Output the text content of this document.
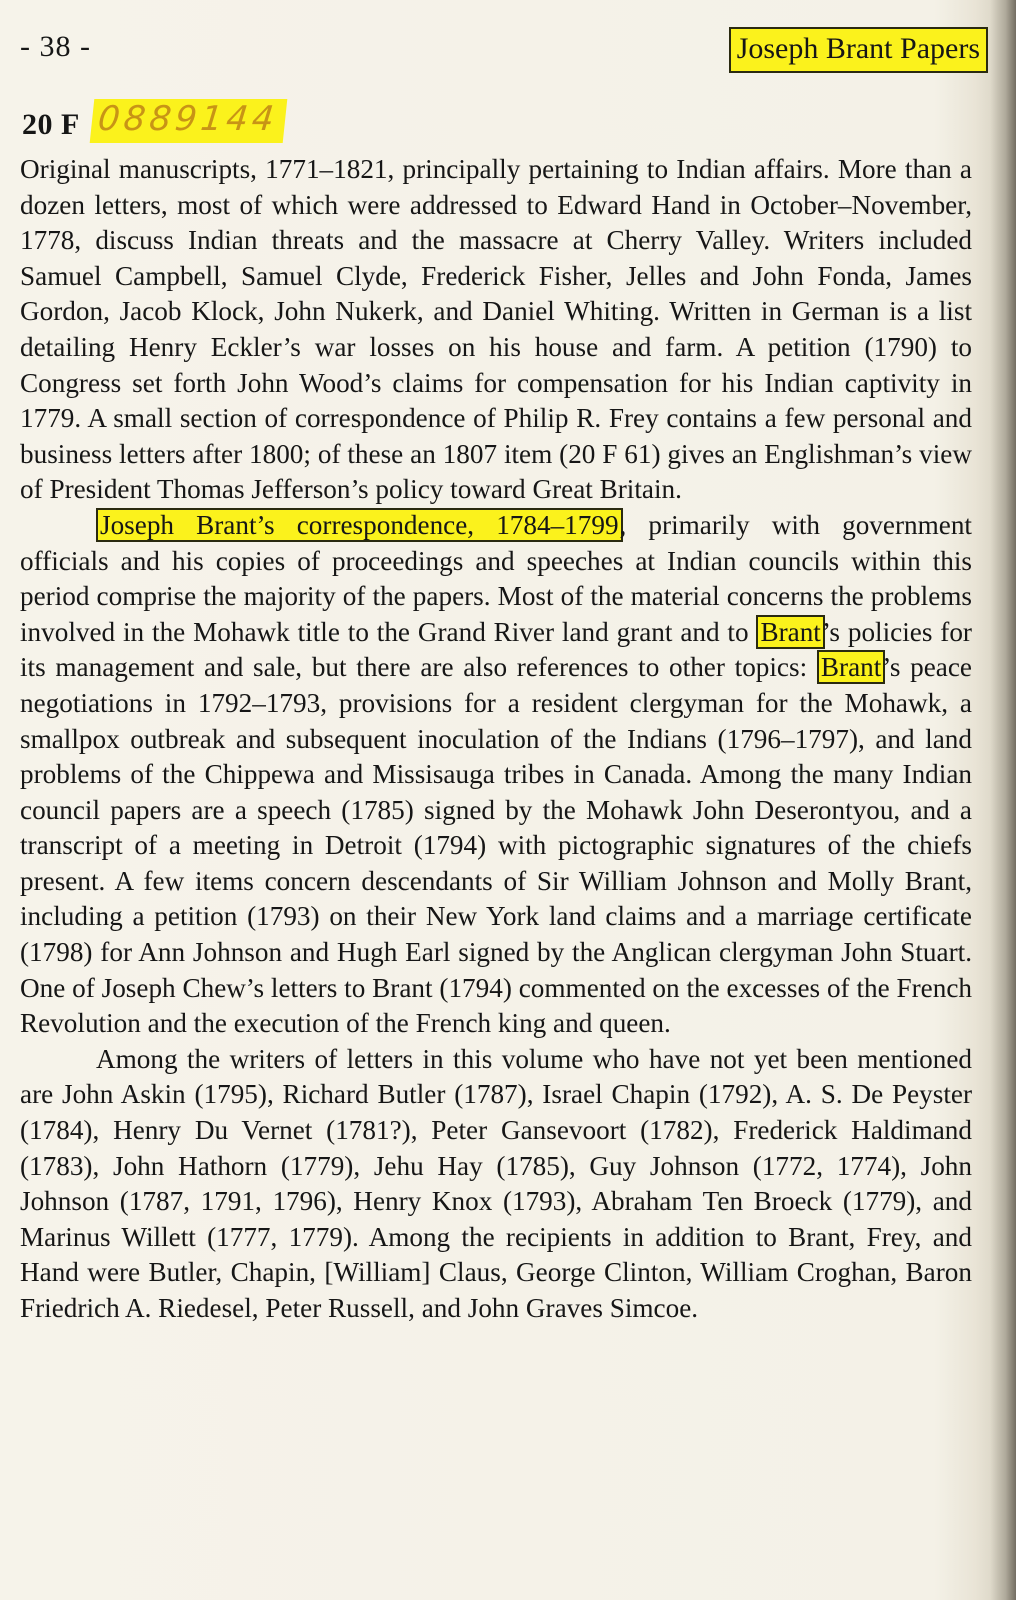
- 38 -	Joseph Brant Papers
20 F 0889144

Original manuscripts, 1771–1821, principally pertaining to Indian affairs. More than a dozen letters, most of which were addressed to Edward Hand in October–November, 1778, discuss Indian threats and the massacre at Cherry Valley. Writers included Samuel Campbell, Samuel Clyde, Frederick Fisher, Jelles and John Fonda, James Gordon, Jacob Klock, John Nukerk, and Daniel Whiting. Written in German is a list detailing Henry Eckler’s war losses on his house and farm. A petition (1790) to Congress set forth John Wood’s claims for compensation for his Indian captivity in 1779. A small section of correspondence of Philip R. Frey contains a few personal and business letters after 1800; of these an 1807 item (20 F 61) gives an Englishman’s view of President Thomas Jefferson’s policy toward Great Britain.

Joseph Brant’s correspondence, 1784–1799, primarily with government officials and his copies of proceedings and speeches at Indian councils within this period comprise the majority of the papers. Most of the material concerns the problems involved in the Mohawk title to the Grand River land grant and to Brant’s policies for its management and sale, but there are also references to other topics: Brant’s peace negotiations in 1792–1793, provisions for a resident clergyman for the Mohawk, a smallpox outbreak and subsequent inoculation of the Indians (1796–1797), and land problems of the Chippewa and Missisauga tribes in Canada. Among the many Indian council papers are a speech (1785) signed by the Mohawk John Deserontyou, and a transcript of a meeting in Detroit (1794) with pictographic signatures of the chiefs present. A few items concern descendants of Sir William Johnson and Molly Brant, including a petition (1793) on their New York land claims and a marriage certificate (1798) for Ann Johnson and Hugh Earl signed by the Anglican clergyman John Stuart. One of Joseph Chew’s letters to Brant (1794) commented on the excesses of the French Revolution and the execution of the French king and queen.

Among the writers of letters in this volume who have not yet been mentioned are John Askin (1795), Richard Butler (1787), Israel Chapin (1792), A. S. De Peyster (1784), Henry Du Vernet (1781?), Peter Gansevoort (1782), Frederick Haldimand (1783), John Hathorn (1779), Jehu Hay (1785), Guy Johnson (1772, 1774), John Johnson (1787, 1791, 1796), Henry Knox (1793), Abraham Ten Broeck (1779), and Marinus Willett (1777, 1779). Among the recipients in addition to Brant, Frey, and Hand were Butler, Chapin, [William] Claus, George Clinton, William Croghan, Baron Friedrich A. Riedesel, Peter Russell, and John Graves Simcoe.
